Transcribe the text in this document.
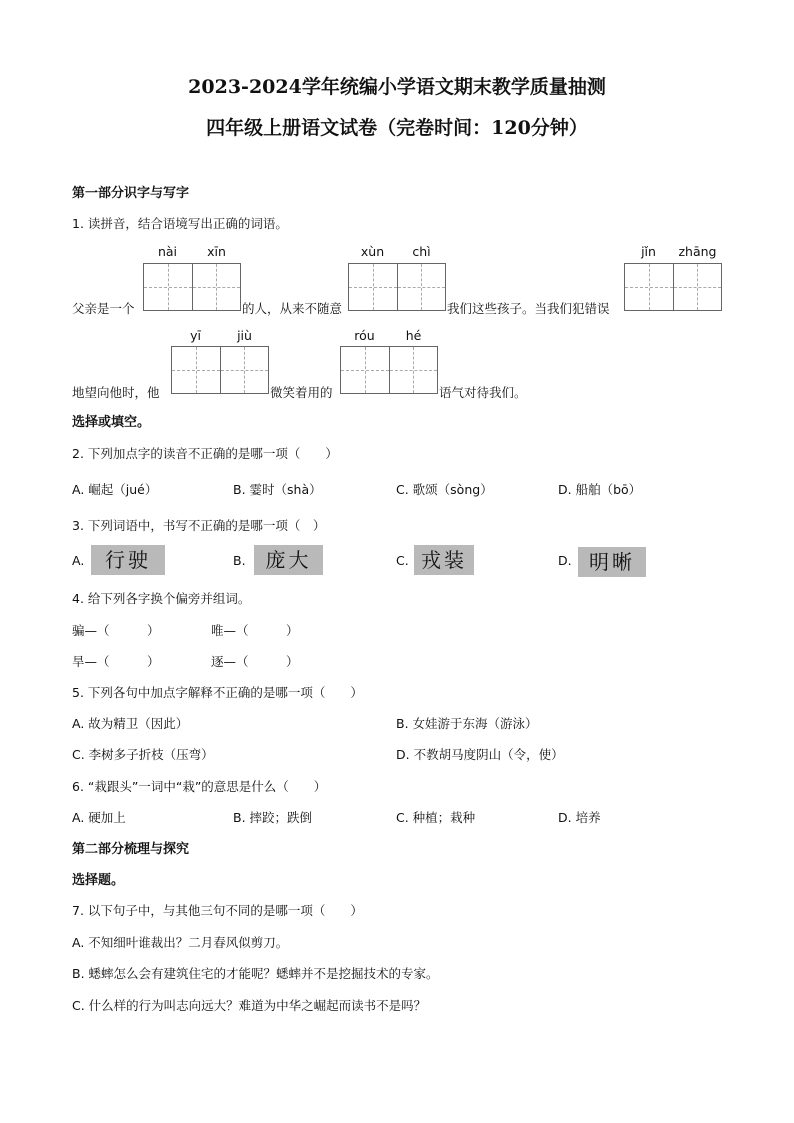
2023-2024学年统编小学语文期末教学质量抽测
四年级上册语文试卷（完卷时间：120分钟）
第一部分识字与写字
1. 读拼音，结合语境写出正确的词语。
nài	xīn	xùn	chì	jǐn	zhāng
父亲是一个	的人，从来不随意	我们这些孩子。当我们犯错误
yī	jiù	róu	hé
地望向他时，他	微笑着用的	语气对待我们。
选择或填空。
2. 下列加点字的读音不正确的是哪一项（　　）
A. 崛起（jué）	B. 霎时（shà）	C. 歌颂（sòng）	D. 船舶（bō）
3. 下列词语中，书写不正确的是哪一项（　）
A.	行驶	B. 庞大	C. 戎装	D. 明晰
4. 给下列各字换个偏旁并组词。
骗—（　　　）	唯—（　　　）
旱—（　　　）	逐—（　　　）
5. 下列各句中加点字解释不正确的是哪一项（　　）
A. 故为精卫（因此）	B. 女娃游于东海（游泳）
C. 李树多子折枝（压弯）	D. 不教胡马度阴山（令，使）
6. “栽跟头”一词中“栽”的意思是什么（　　）
A. 硬加上	B. 摔跤；跌倒	C. 种植；栽种	D. 培养
第二部分梳理与探究
选择题。
7. 以下句子中，与其他三句不同的是哪一项（　　）
A. 不知细叶谁裁出？二月春风似剪刀。
B. 蟋蟀怎么会有建筑住宅的才能呢？蟋蟀并不是挖掘技术的专家。
C. 什么样的行为叫志向远大？难道为中华之崛起而读书不是吗？
